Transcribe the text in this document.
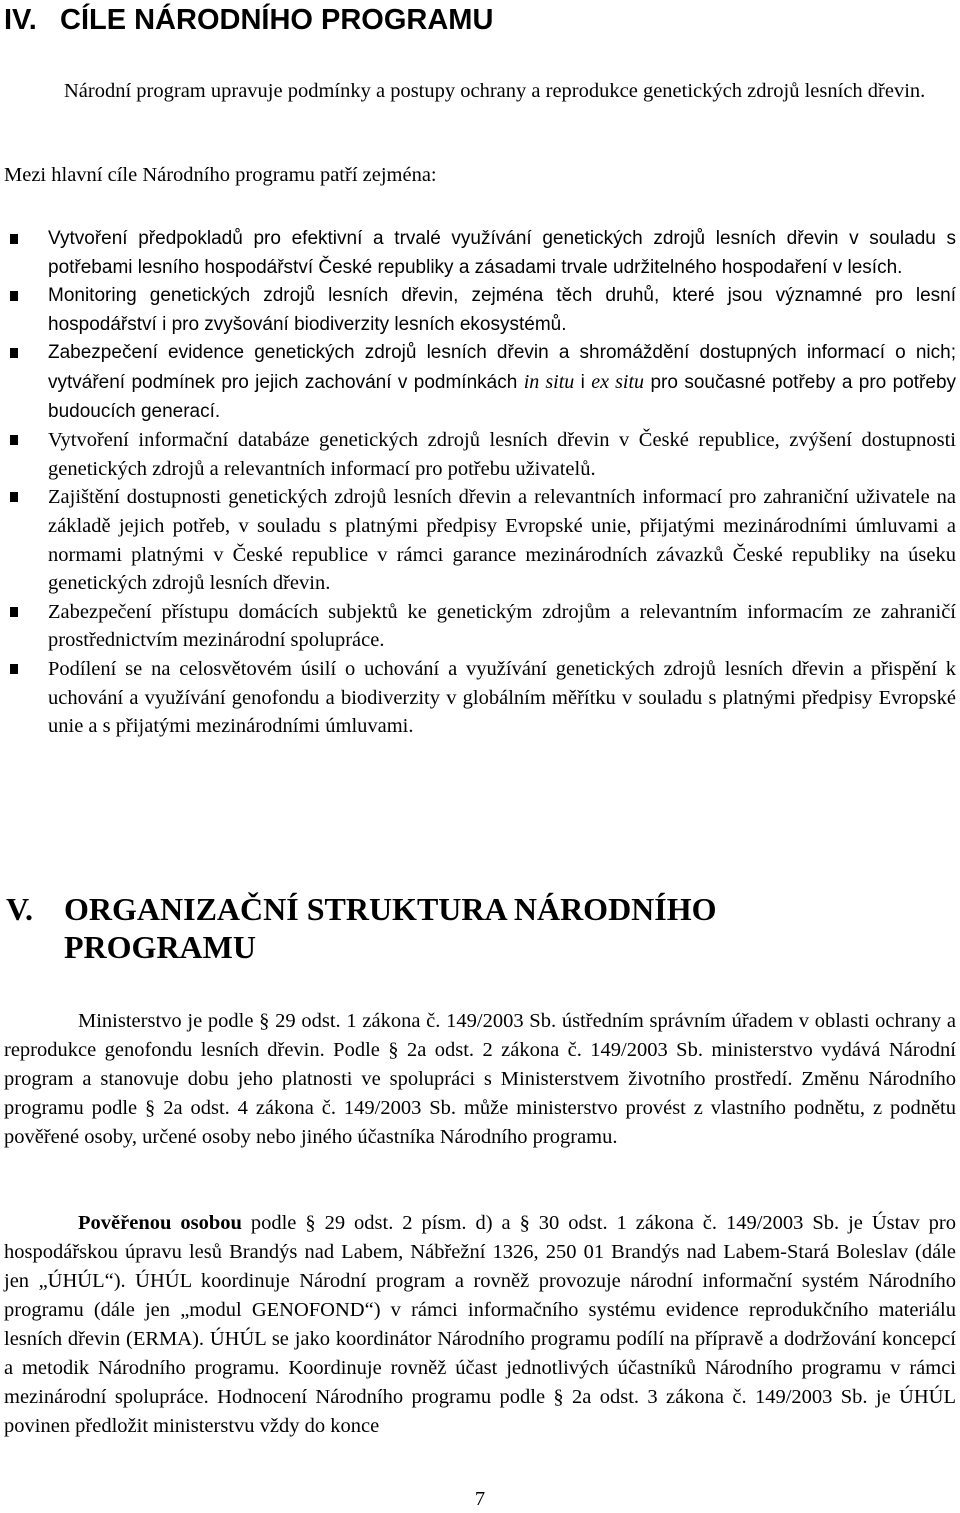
IV. CÍLE NÁRODNÍHO PROGRAMU

Národní program upravuje podmínky a postupy ochrany a reprodukce genetických zdrojů lesních dřevin.

Mezi hlavní cíle Národního programu patří zejména:

Vytvoření předpokladů pro efektivní a trvalé využívání genetických zdrojů lesních dřevin v souladu s potřebami lesního hospodářství České republiky a zásadami trvale udržitelného hospodaření v lesích.
Monitoring genetických zdrojů lesních dřevin, zejména těch druhů, které jsou významné pro lesní hospodářství i pro zvyšování biodiverzity lesních ekosystémů.
Zabezpečení evidence genetických zdrojů lesních dřevin a shromáždění dostupných informací o nich; vytváření podmínek pro jejich zachování v podmínkách in situ i ex situ pro současné potřeby a pro potřeby budoucích generací.
Vytvoření informační databáze genetických zdrojů lesních dřevin v České republice, zvýšení dostupnosti genetických zdrojů a relevantních informací pro potřebu uživatelů.
Zajištění dostupnosti genetických zdrojů lesních dřevin a relevantních informací pro zahraniční uživatele na základě jejich potřeb, v souladu s platnými předpisy Evropské unie, přijatými mezinárodními úmluvami a normami platnými v České republice v rámci garance mezinárodních závazků České republiky na úseku genetických zdrojů lesních dřevin.
Zabezpečení přístupu domácích subjektů ke genetickým zdrojům a relevantním informacím ze zahraničí prostřednictvím mezinárodní spolupráce.
Podílení se na celosvětovém úsilí o uchování a využívání genetických zdrojů lesních dřevin a přispění k uchování a využívání genofondu a biodiverzity v globálním měřítku v souladu s platnými předpisy Evropské unie a s přijatými mezinárodními úmluvami.
V. ORGANIZAČNÍ STRUKTURA NÁRODNÍHO
PROGRAMU

Ministerstvo je podle § 29 odst. 1 zákona č. 149/2003 Sb. ústředním správním úřadem v oblasti ochrany a reprodukce genofondu lesních dřevin. Podle § 2a odst. 2 zákona č. 149/2003 Sb. ministerstvo vydává Národní program a stanovuje dobu jeho platnosti ve spolupráci s Ministerstvem životního prostředí. Změnu Národního programu podle § 2a odst. 4 zákona č. 149/2003 Sb. může ministerstvo provést z vlastního podnětu, z podnětu pověřené osoby, určené osoby nebo jiného účastníka Národního programu.

Pověřenou osobou podle § 29 odst. 2 písm. d) a § 30 odst. 1 zákona č. 149/2003 Sb. je Ústav pro hospodářskou úpravu lesů Brandýs nad Labem, Nábřežní 1326, 250 01 Brandýs nad Labem-Stará Boleslav (dále jen „ÚHÚL“). ÚHÚL koordinuje Národní program a rovněž provozuje národní informační systém Národního programu (dále jen „modul GENOFOND“) v rámci informačního systému evidence reprodukčního materiálu lesních dřevin (ERMA). ÚHÚL se jako koordinátor Národního programu podílí na přípravě a dodržování koncepcí a metodik Národního programu. Koordinuje rovněž účast jednotlivých účastníků Národního programu v rámci mezinárodní spolupráce. Hodnocení Národního programu podle § 2a odst. 3 zákona č. 149/2003 Sb. je ÚHÚL povinen předložit ministerstvu vždy do konce

7
